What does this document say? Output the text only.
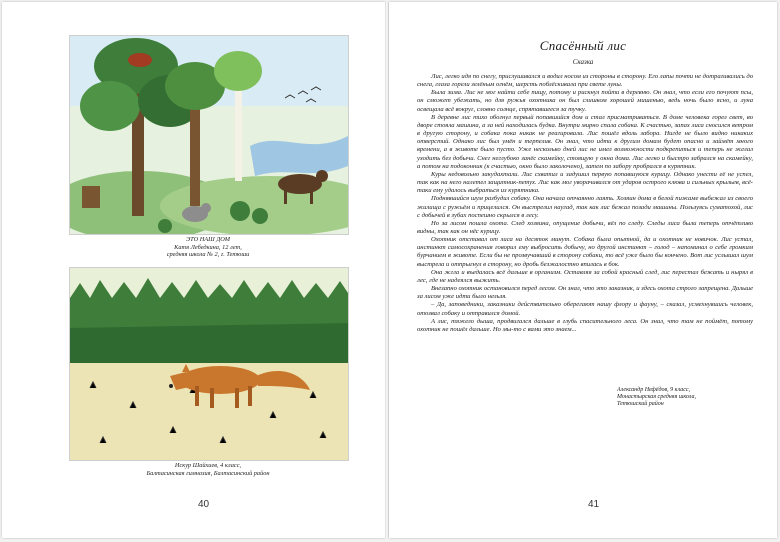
ЭТО НАШ ДОМ
Катя Лебедкина, 12 лет,
средняя школа № 2, г. Тетюши
Искур Шайхиев, 4 класс,
Балтасинская гимназия, Балтасинский район
40
Спасённый лис
Сказка

Лис, легко идя по снегу, прислушивался и водил носом из стороны в сторону. Его лапы почти не дотрагивались до снега, глаза горели зелёным огнём, шерсть поблёскивала при свете луны.

Была зима. Лис не мог найти себе пищу, потому и рискнул пойти в деревню. Он знал, что если его почуют псы, он сможет убежать, но для ружья охотника он был слишком хорошей мишенью, ведь ночь было ясно, и луна освещала всё вокруг, словно солнце, спрятавшееся за тучку.

В деревне лис тихо обогнул первый попавшийся дом и стал присматриваться. В доме человека горел свет, во дворе стояла машина, а за ней находилась будка. Внутри мирно спала собака. К счастью, запах лиса сносился ветром в другую сторону, и собака пока никак не реагировала. Лис пошёл вдоль забора. Нигде не было видно никаких отверстий. Однако лис был умён и терпелив. Он знал, что идти к другим домам будет опасно и займёт много времени, а в животе было пусто. Уже несколько дней лис не имел возможности подкрепиться и теперь не желал уходить без добычи. Снег неглубоко занёс скамейку, стоящую у окна дома. Лис легко и быстро забрался на скамейку, а потом на подоконник (к счастью, окно было заколочено), затем по забору пробрался в курятник.

Куры недовольно закудахтали. Лис схватил и задушил первую попавшуюся курицу. Однако унести её не успел, так как на него налетел защитник-петух. Лис как мог уворачивался от ударов острого клюва и сильных крыльев, всё-таки ему удалось выбраться из курятника.

Поднявшийся шум разбудил собаку. Она начала отчаянно лаять. Хозяин дома в белой пижаме выбежал из своего жилища с ружьём и прицелился. Он выстрелил наугад, так как лис бежал позади машины. Пользуясь суматохой, лис с добычей в зубах поспешно скрылся в лесу.

Но за лисом пошла охота. След хозяина, опущение добычи, вёл по следу. Следы лиса были теперь отчётливо видны, так как он нёс курицу.

Охотник отставал от лиса на десяток минут. Собака была опытной, да и охотник не новичок. Лис устал, инстинкт самосохранения говорил ему выбросить добычу, но другой инстинкт – голод – напоминал о себе громким бурчанием в животе. Если бы не прозвучавший в сторону собаки, то всё уже было бы кончено. Вот лис услышал шум выстрела и отпрыгнул в сторону, но дробь безжалостно впилась в бок.

Она жгла и въедалась всё дальше в организм. Оставляя за собой красный след, лис перестал бежать и нырял в лес, где не надеялся выжить.

Внезапно охотник остановился перед лесом. Он знал, что это заказник, и здесь охота строго запрещена. Дальше за лисом уже идти было нельзя.

– Да, заповедники, заказники действительно оберегают нашу флору и фауну, – сказал, усмехнувшись человек, отозвал собаку и отправился домой.

А лис, тяжело дыша, продвигался дальше в глубь спасительного леса. Он знал, что там не поймёт, потому охотник не пошёл дальше. Но мы-то с вами это знаем...

Александр Нефёдов, 9 класс,
Монастырская средняя школа,
Тетюшский район
41
